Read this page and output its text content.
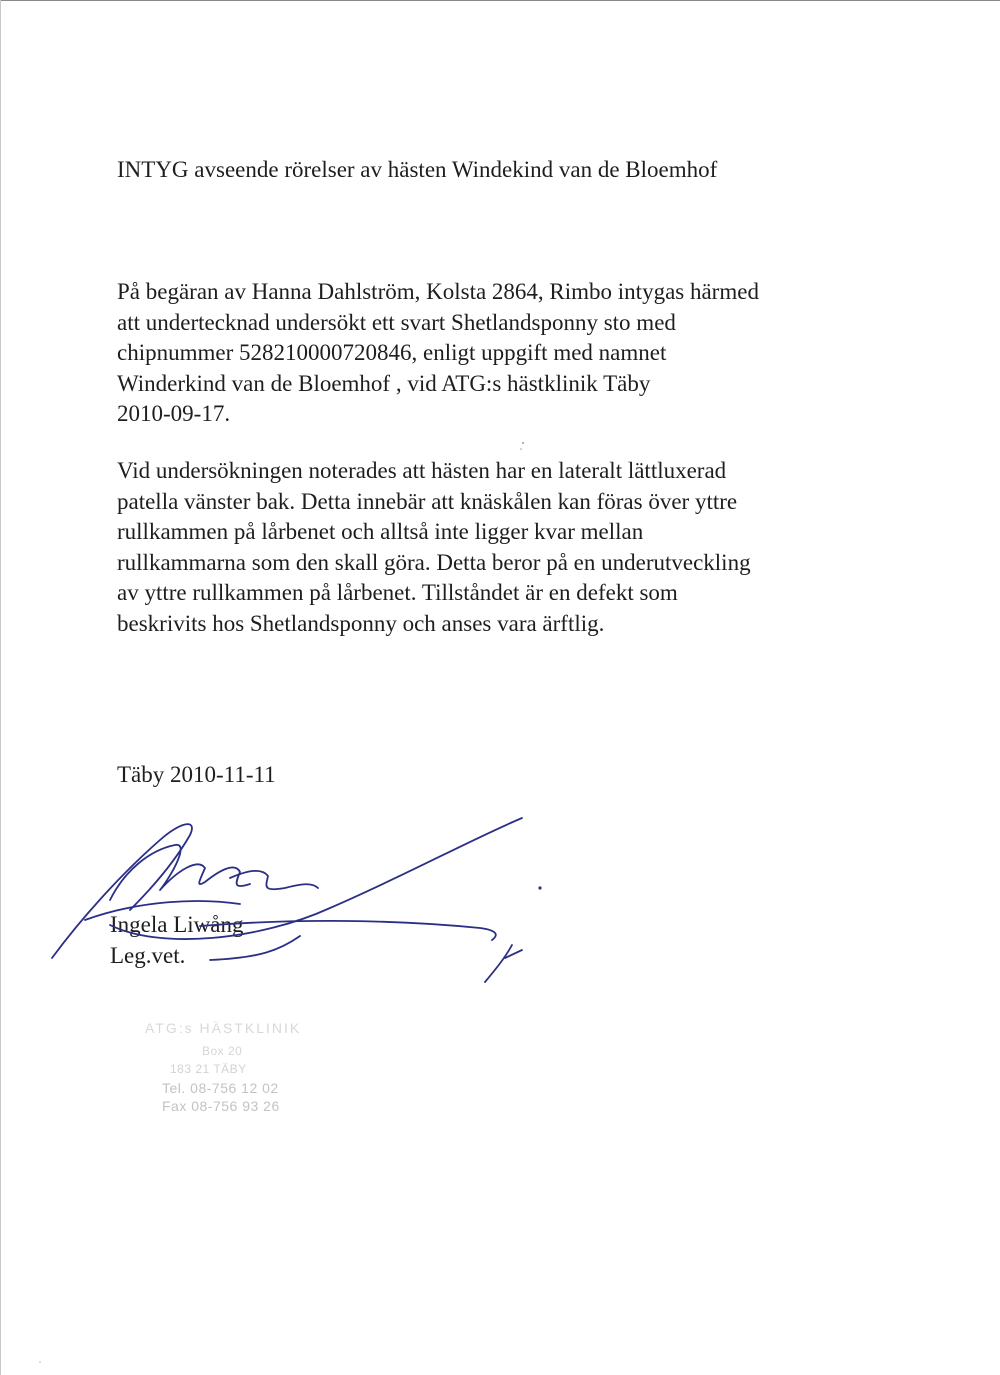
INTYG avseende rörelser av hästen Windekind van de Bloemhof
På begäran av Hanna Dahlström, Kolsta 2864, Rimbo intygas härmed
att undertecknad undersökt ett svart Shetlandsponny sto med
chipnummer 528210000720846, enligt uppgift med namnet
Winderkind van de Bloemhof , vid ATG:s hästklinik Täby
2010-09-17.
Vid undersökningen noterades att hästen har en lateralt lättluxerad
patella vänster bak. Detta innebär att knäskålen kan föras över yttre
rullkammen på lårbenet och alltså inte ligger kvar mellan
rullkammarna som den skall göra. Detta beror på en underutveckling
av yttre rullkammen på lårbenet. Tillståndet är en defekt som
beskrivits hos Shetlandsponny och anses vara ärftlig.
Täby 2010-11-11
Ingela Liwång
Leg.vet.
ATG:s HÄSTKLINIK
Box 20
183 21 TÄBY
Tel. 08-756 12 02
Fax 08-756 93 26
